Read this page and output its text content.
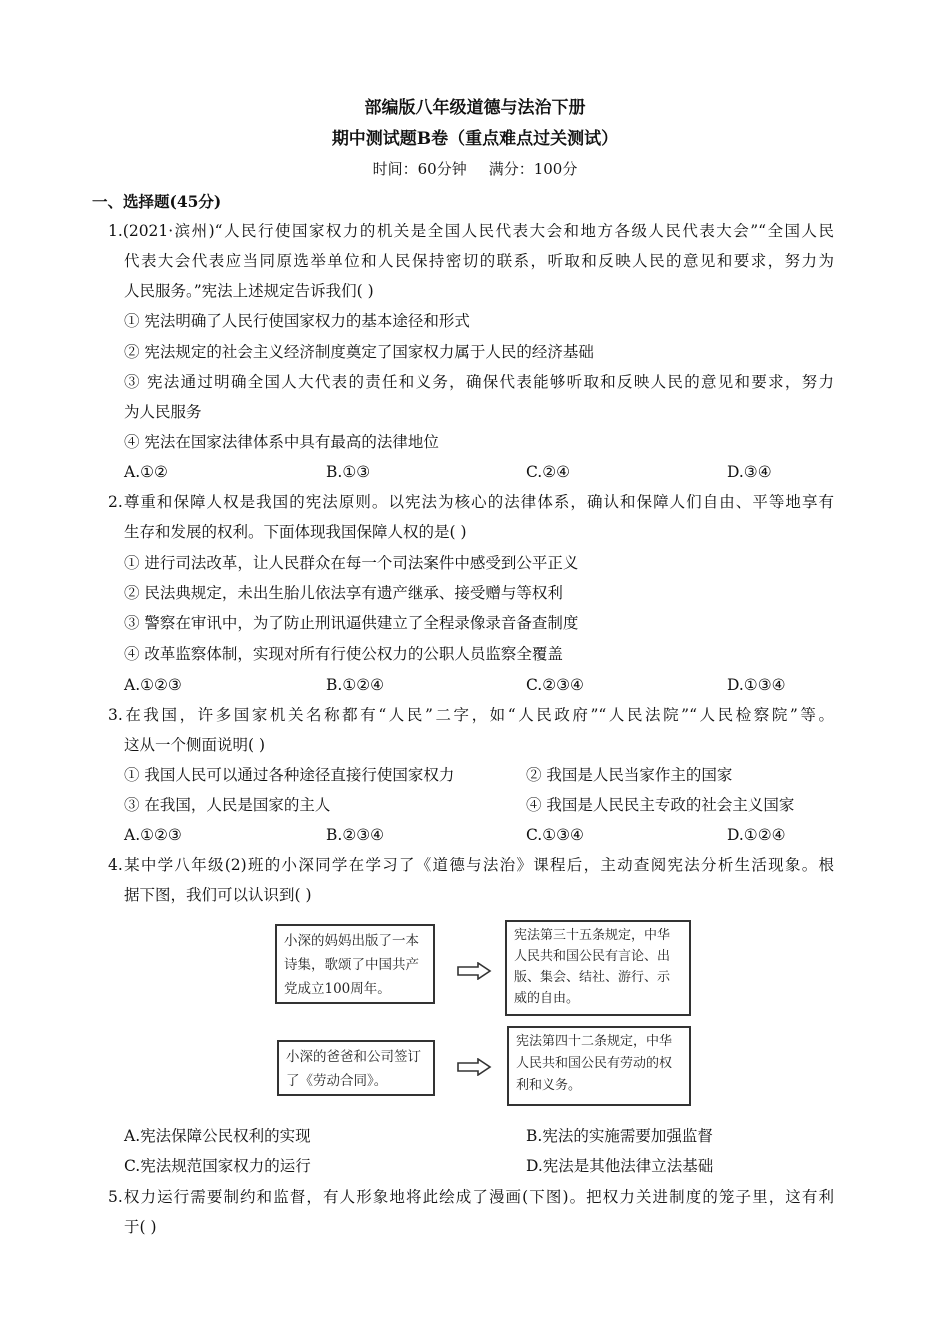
部编版八年级道德与法治下册
期中测试题B卷（重点难点过关测试）
时间：60分钟 满分：100分
一、选择题(45分)
1.(2021·滨州)“人民行使国家权力的机关是全国人民代表大会和地方各级人民代表大会”“全国人民
代表大会代表应当同原选举单位和人民保持密切的联系，听取和反映人民的意见和要求，努力为
人民服务。”宪法上述规定告诉我们( )
① 宪法明确了人民行使国家权力的基本途径和形式
② 宪法规定的社会主义经济制度奠定了国家权力属于人民的经济基础
③ 宪法通过明确全国人大代表的责任和义务，确保代表能够听取和反映人民的意见和要求，努力
为人民服务
④ 宪法在国家法律体系中具有最高的法律地位
A.①②	B.①③	C.②④	D.③④
2.尊重和保障人权是我国的宪法原则。以宪法为核心的法律体系，确认和保障人们自由、平等地享有
生存和发展的权利。下面体现我国保障人权的是( )
① 进行司法改革，让人民群众在每一个司法案件中感受到公平正义
② 民法典规定，未出生胎儿依法享有遗产继承、接受赠与等权利
③ 警察在审讯中，为了防止刑讯逼供建立了全程录像录音备查制度
④ 改革监察体制，实现对所有行使公权力的公职人员监察全覆盖
A.①②③	B.①②④	C.②③④	D.①③④
3.在我国，许多国家机关名称都有“人民”二字，如“人民政府”“人民法院”“人民检察院”等。
这从一个侧面说明( )
① 我国人民可以通过各种途径直接行使国家权力	② 我国是人民当家作主的国家
③ 在我国，人民是国家的主人	④ 我国是人民民主专政的社会主义国家
A.①②③	B.②③④	C.①③④	D.①②④
4.某中学八年级(2)班的小深同学在学习了《道德与法治》课程后，主动查阅宪法分析生活现象。根
据下图，我们可以认识到( )
小深的妈妈出版了一本
诗集，歌颂了中国共产
党成立100周年。
宪法第三十五条规定，中华
人民共和国公民有言论、出
版、集会、结社、游行、示
威的自由。
小深的爸爸和公司签订
了《劳动合同》。
宪法第四十二条规定，中华
人民共和国公民有劳动的权
利和义务。
A.宪法保障公民权利的实现	B.宪法的实施需要加强监督
C.宪法规范国家权力的运行	D.宪法是其他法律立法基础
5.权力运行需要制约和监督，有人形象地将此绘成了漫画(下图)。把权力关进制度的笼子里，这有利
于( )
